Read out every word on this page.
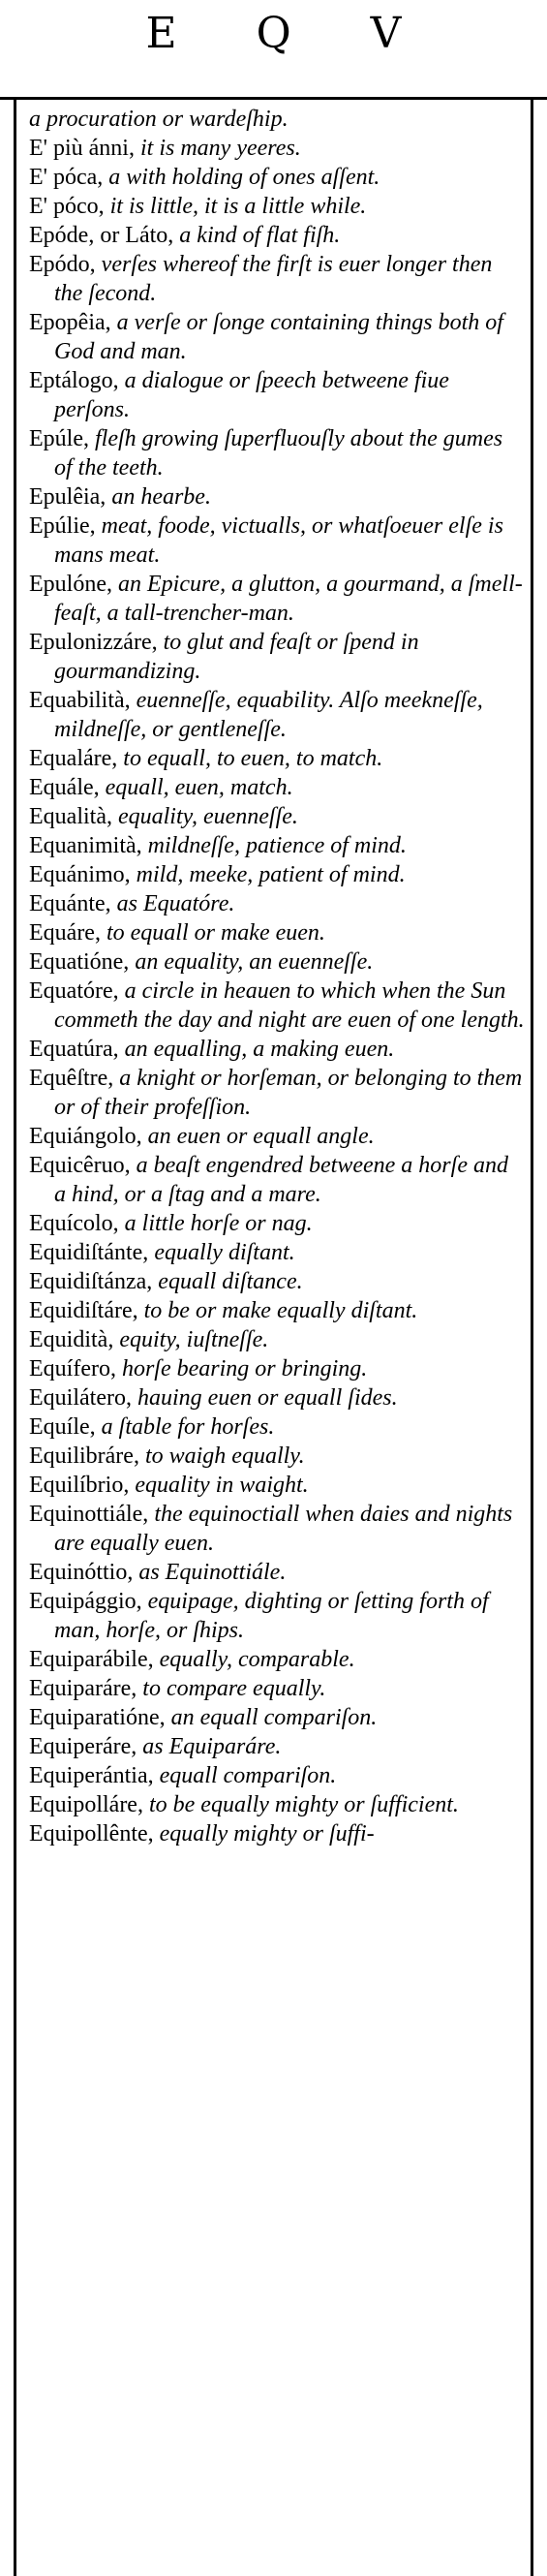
E Q V

a procuration or wardeſhip.

E' più ánni, it is many yeeres.

E' póca, a with holding of ones aſſent.

E' póco, it is little, it is a little while.

Epóde, or Láto, a kind of flat fiſh.

Epódo, verſes whereof the firſt is euer longer then the ſecond.

Epopêia, a verſe or ſonge containing things both of God and man.

Eptálogo, a dialogue or ſpeech betweene fiue perſons.

Epúle, fleſh growing ſuperfluouſly about the gumes of the teeth.

Epulêia, an hearbe.

Epúlie, meat, foode, victualls, or whatſoeuer elſe is mans meat.

Epulóne, an Epicure, a glutton, a gourmand, a ſmell-feaſt, a tall-trencher-man.

Epulonizzáre, to glut and feaſt or ſpend in gourmandizing.

Equabilità, euenneſſe, equability. Alſo meekneſſe, mildneſſe, or gentleneſſe.

Equaláre, to equall, to euen, to match.

Equále, equall, euen, match.

Equalità, equality, euenneſſe.

Equanimità, mildneſſe, patience of mind.

Equánimo, mild, meeke, patient of mind.

Equánte, as Equatóre.

Equáre, to equall or make euen.

Equatióne, an equality, an euenneſſe.

Equatóre, a circle in heauen to which when the Sun commeth the day and night are euen of one length.

Equatúra, an equalling, a making euen.

Equêſtre, a knight or horſeman, or belonging to them or of their profeſſion.

Equiángolo, an euen or equall angle.

Equicêruo, a beaſt engendred betweene a horſe and a hind, or a ſtag and a mare.

Equícolo, a little horſe or nag.

Equidiſtánte, equally diſtant.

Equidiſtánza, equall diſtance.

Equidiſtáre, to be or make equally diſtant.

Equidità, equity, iuſtneſſe.

Equífero, horſe bearing or bringing.

Equilátero, hauing euen or equall ſides.

Equíle, a ſtable for horſes.

Equilibráre, to waigh equally.

Equilíbrio, equality in waight.

Equinottiále, the equinoctiall when daies and nights are equally euen.

Equinóttio, as Equinottiále.

Equipággio, equipage, dighting or ſetting forth of man, horſe, or ſhips.

Equiparábile, equally, comparable.

Equiparáre, to compare equally.

Equiparatióne, an equall compariſon.

Equiperáre, as Equiparáre.

Equiperántia, equall compariſon.

Equipolláre, to be equally mighty or ſufficient.

Equipollênte, equally mighty or ſuffi-
